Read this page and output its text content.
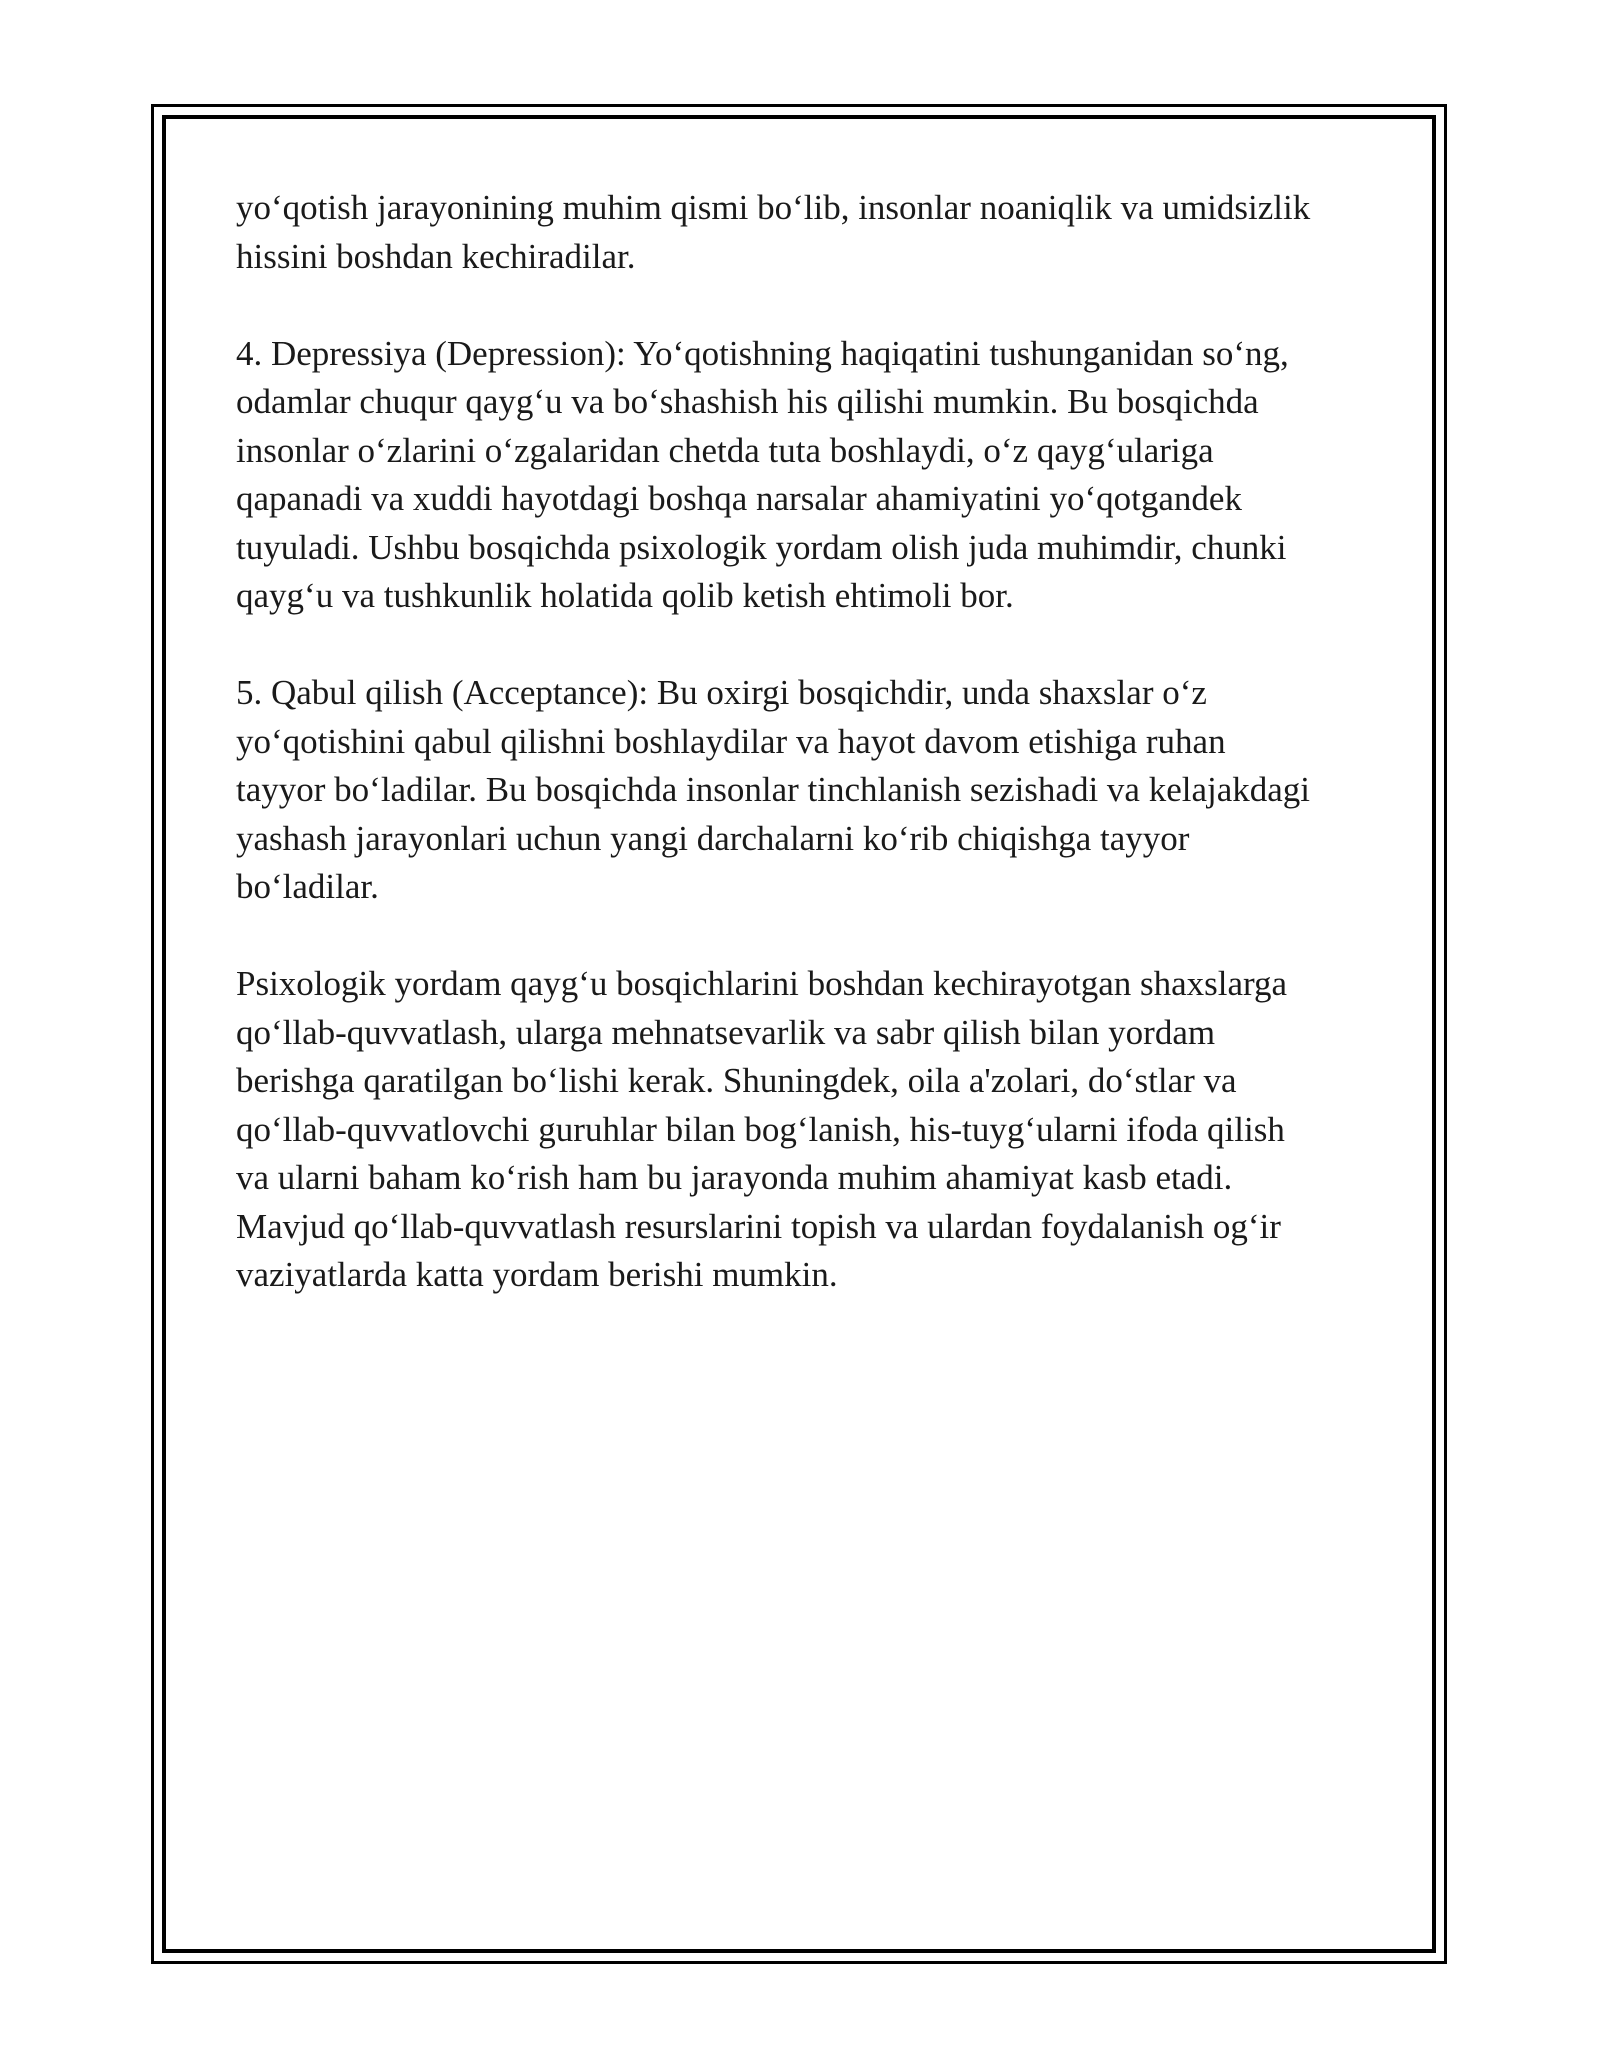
yo‘qotish jarayonining muhim qismi bo‘lib, insonlar noaniqlik va umidsizlik
hissini boshdan kechiradilar.

4. Depressiya (Depression): Yo‘qotishning haqiqatini tushunganidan so‘ng,
odamlar chuqur qayg‘u va bo‘shashish his qilishi mumkin. Bu bosqichda
insonlar o‘zlarini o‘zgalaridan chetda tuta boshlaydi, o‘z qayg‘ulariga
qapanadi va xuddi hayotdagi boshqa narsalar ahamiyatini yo‘qotgandek
tuyuladi. Ushbu bosqichda psixologik yordam olish juda muhimdir, chunki
qayg‘u va tushkunlik holatida qolib ketish ehtimoli bor.

5. Qabul qilish (Acceptance): Bu oxirgi bosqichdir, unda shaxslar o‘z
yo‘qotishini qabul qilishni boshlaydilar va hayot davom etishiga ruhan
tayyor bo‘ladilar. Bu bosqichda insonlar tinchlanish sezishadi va kelajakdagi
yashash jarayonlari uchun yangi darchalarni ko‘rib chiqishga tayyor
bo‘ladilar.

Psixologik yordam qayg‘u bosqichlarini boshdan kechirayotgan shaxslarga
qo‘llab-quvvatlash, ularga mehnatsevarlik va sabr qilish bilan yordam
berishga qaratilgan bo‘lishi kerak. Shuningdek, oila a'zolari, do‘stlar va
qo‘llab-quvvatlovchi guruhlar bilan bog‘lanish, his-tuyg‘ularni ifoda qilish
va ularni baham ko‘rish ham bu jarayonda muhim ahamiyat kasb etadi.
Mavjud qo‘llab-quvvatlash resurslarini topish va ulardan foydalanish og‘ir
vaziyatlarda katta yordam berishi mumkin.
